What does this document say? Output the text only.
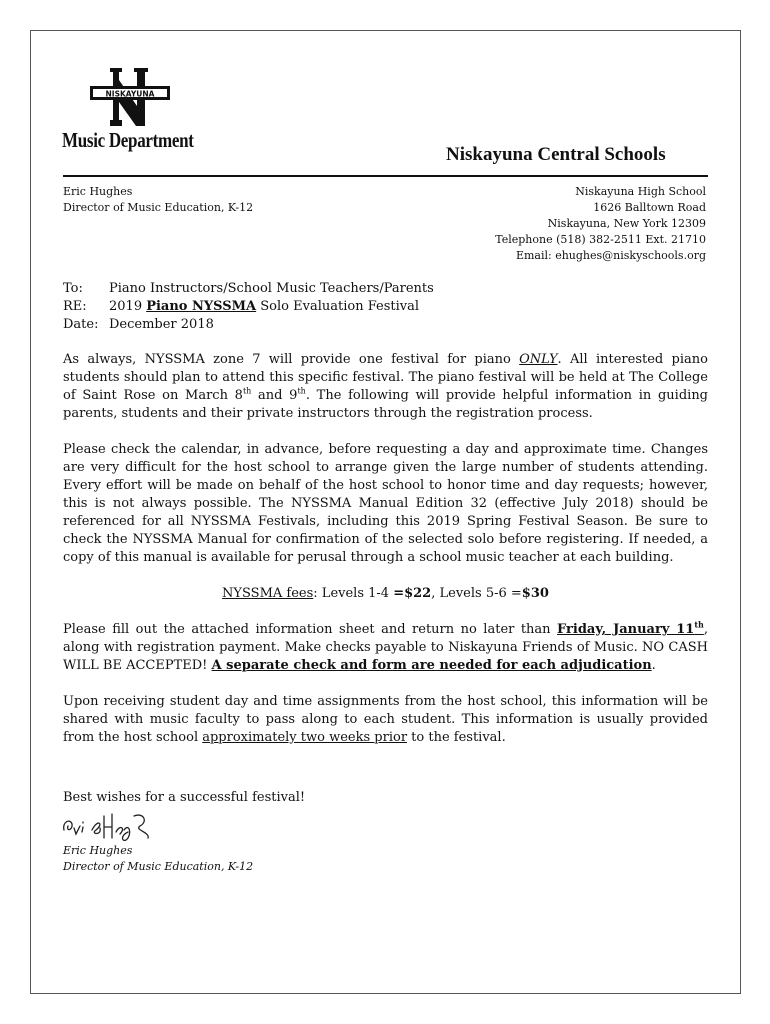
NISKAYUNA
Music Department
Niskayuna Central Schools
Eric Hughes
Director of Music Education, K-12
Niskayuna High School
1626 Balltown Road
Niskayuna, New York 12309
Telephone (518) 382-2511 Ext. 21710
Email: ehughes@niskyschools.org
To:	Piano Instructors/School Music Teachers/Parents
RE:	2019 Piano NYSSMA Solo Evaluation Festival
Date: December 2018

As always, NYSSMA zone 7 will provide one festival for piano ONLY. All interested piano students should plan to attend this specific festival. The piano festival will be held at The College of Saint Rose on March 8th and 9th. The following will provide helpful information in guiding parents, students and their private instructors through the registration process.

Please check the calendar, in advance, before requesting a day and approximate time. Changes are very difficult for the host school to arrange given the large number of students attending. Every effort will be made on behalf of the host school to honor time and day requests; however, this is not always possible. The NYSSMA Manual Edition 32 (effective July 2018) should be referenced for all NYSSMA Festivals, including this 2019 Spring Festival Season. Be sure to check the NYSSMA Manual for confirmation of the selected solo before registering. If needed, a copy of this manual is available for perusal through a school music teacher at each building.

NYSSMA fees: Levels 1-4 =$22, Levels 5-6 =$30

Please fill out the attached information sheet and return no later than Friday, January 11th, along with registration payment. Make checks payable to Niskayuna Friends of Music. NO CASH WILL BE ACCEPTED! A separate check and form are needed for each adjudication.

Upon receiving student day and time assignments from the host school, this information will be shared with music faculty to pass along to each student. This information is usually provided from the host school approximately two weeks prior to the festival.

Best wishes for a successful festival!
Eric Hughes
Director of Music Education, K-12
